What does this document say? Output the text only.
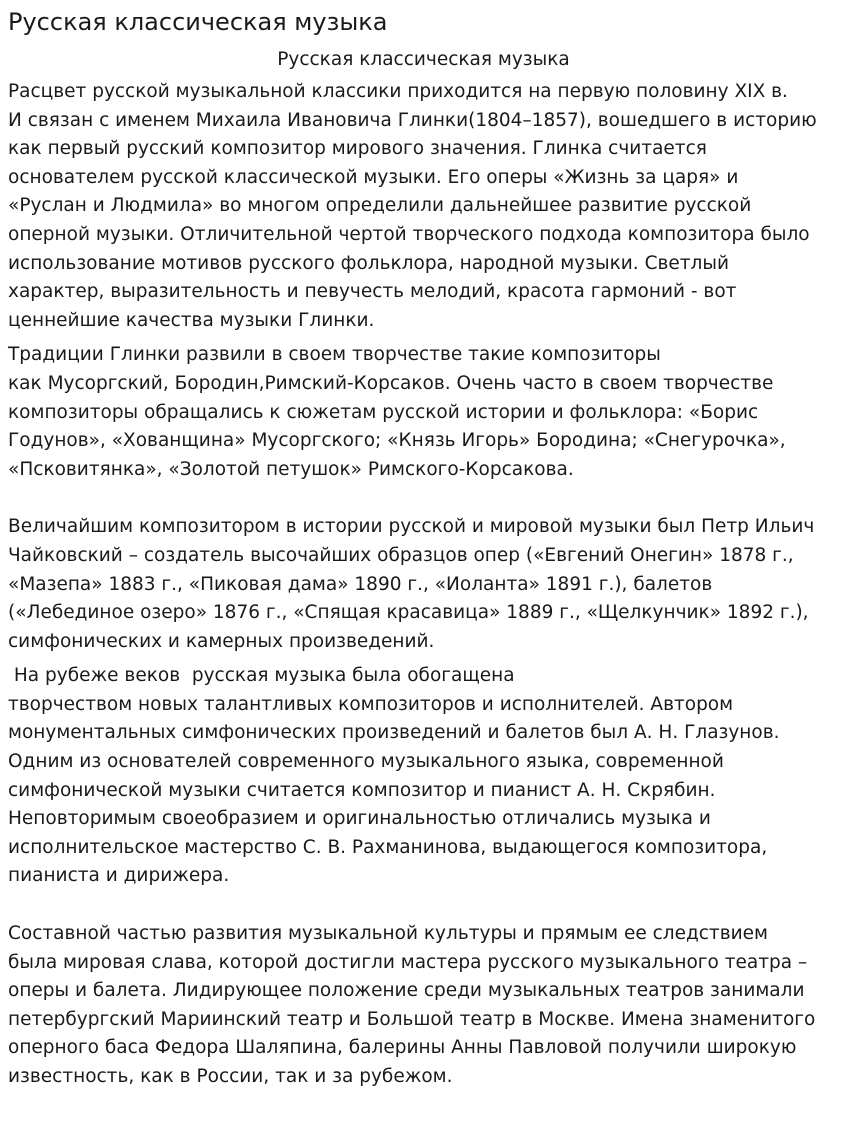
Русская классическая музыка
Русская классическая музыка

Расцвет русской музыкальной классики приходится на первую половину XIX в.
И связан с именем Михаила Ивановича Глинки(1804–1857), вошедшего в историю
как первый русский композитор мирового значения. Глинка считается
основателем русской классической музыки. Его оперы «Жизнь за царя» и
«Руслан и Людмила» во многом определили дальнейшее развитие русской
оперной музыки. Отличительной чертой творческого подхода композитора было
использование мотивов русского фольклора, народной музыки. Светлый
характер, выразительность и певучесть мелодий, красота гармоний - вот
ценнейшие качества музыки Глинки.

Традиции Глинки развили в своем творчестве такие композиторы
как Мусоргский, Бородин,Римский-Корсаков. Очень часто в своем творчестве
композиторы обращались к сюжетам русской истории и фольклора: «Борис
Годунов», «Хованщина» Мусоргского; «Князь Игорь» Бородина; «Снегурочка»,
«Псковитянка», «Золотой петушок» Римского-Корсакова.

Величайшим композитором в истории русской и мировой музыки был Петр Ильич
Чайковский – создатель высочайших образцов опер («Евгений Онегин» 1878 г.,
«Мазепа» 1883 г., «Пиковая дама» 1890 г., «Иоланта» 1891 г.), балетов
(«Лебединое озеро» 1876 г., «Спящая красавица» 1889 г., «Щелкунчик» 1892 г.),
симфонических и камерных произведений.

На рубеже веков  русская музыка была обогащена
творчеством новых талантливых композиторов и исполнителей. Автором
монументальных симфонических произведений и балетов был А. Н. Глазунов.
Одним из основателей современного музыкального языка, современной
симфонической музыки считается композитор и пианист А. Н. Скрябин.
Неповторимым своеобразием и оригинальностью отличались музыка и
исполнительское мастерство С. В. Рахманинова, выдающегося композитора,
пианиста и дирижера.

Составной частью развития музыкальной культуры и прямым ее следствием
была мировая слава, которой достигли мастера русского музыкального театра –
оперы и балета. Лидирующее положение среди музыкальных театров занимали
петербургский Мариинский театр и Большой театр в Москве. Имена знаменитого
оперного баса Федора Шаляпина, балерины Анны Павловой получили широкую
известность, как в России, так и за рубежом.
